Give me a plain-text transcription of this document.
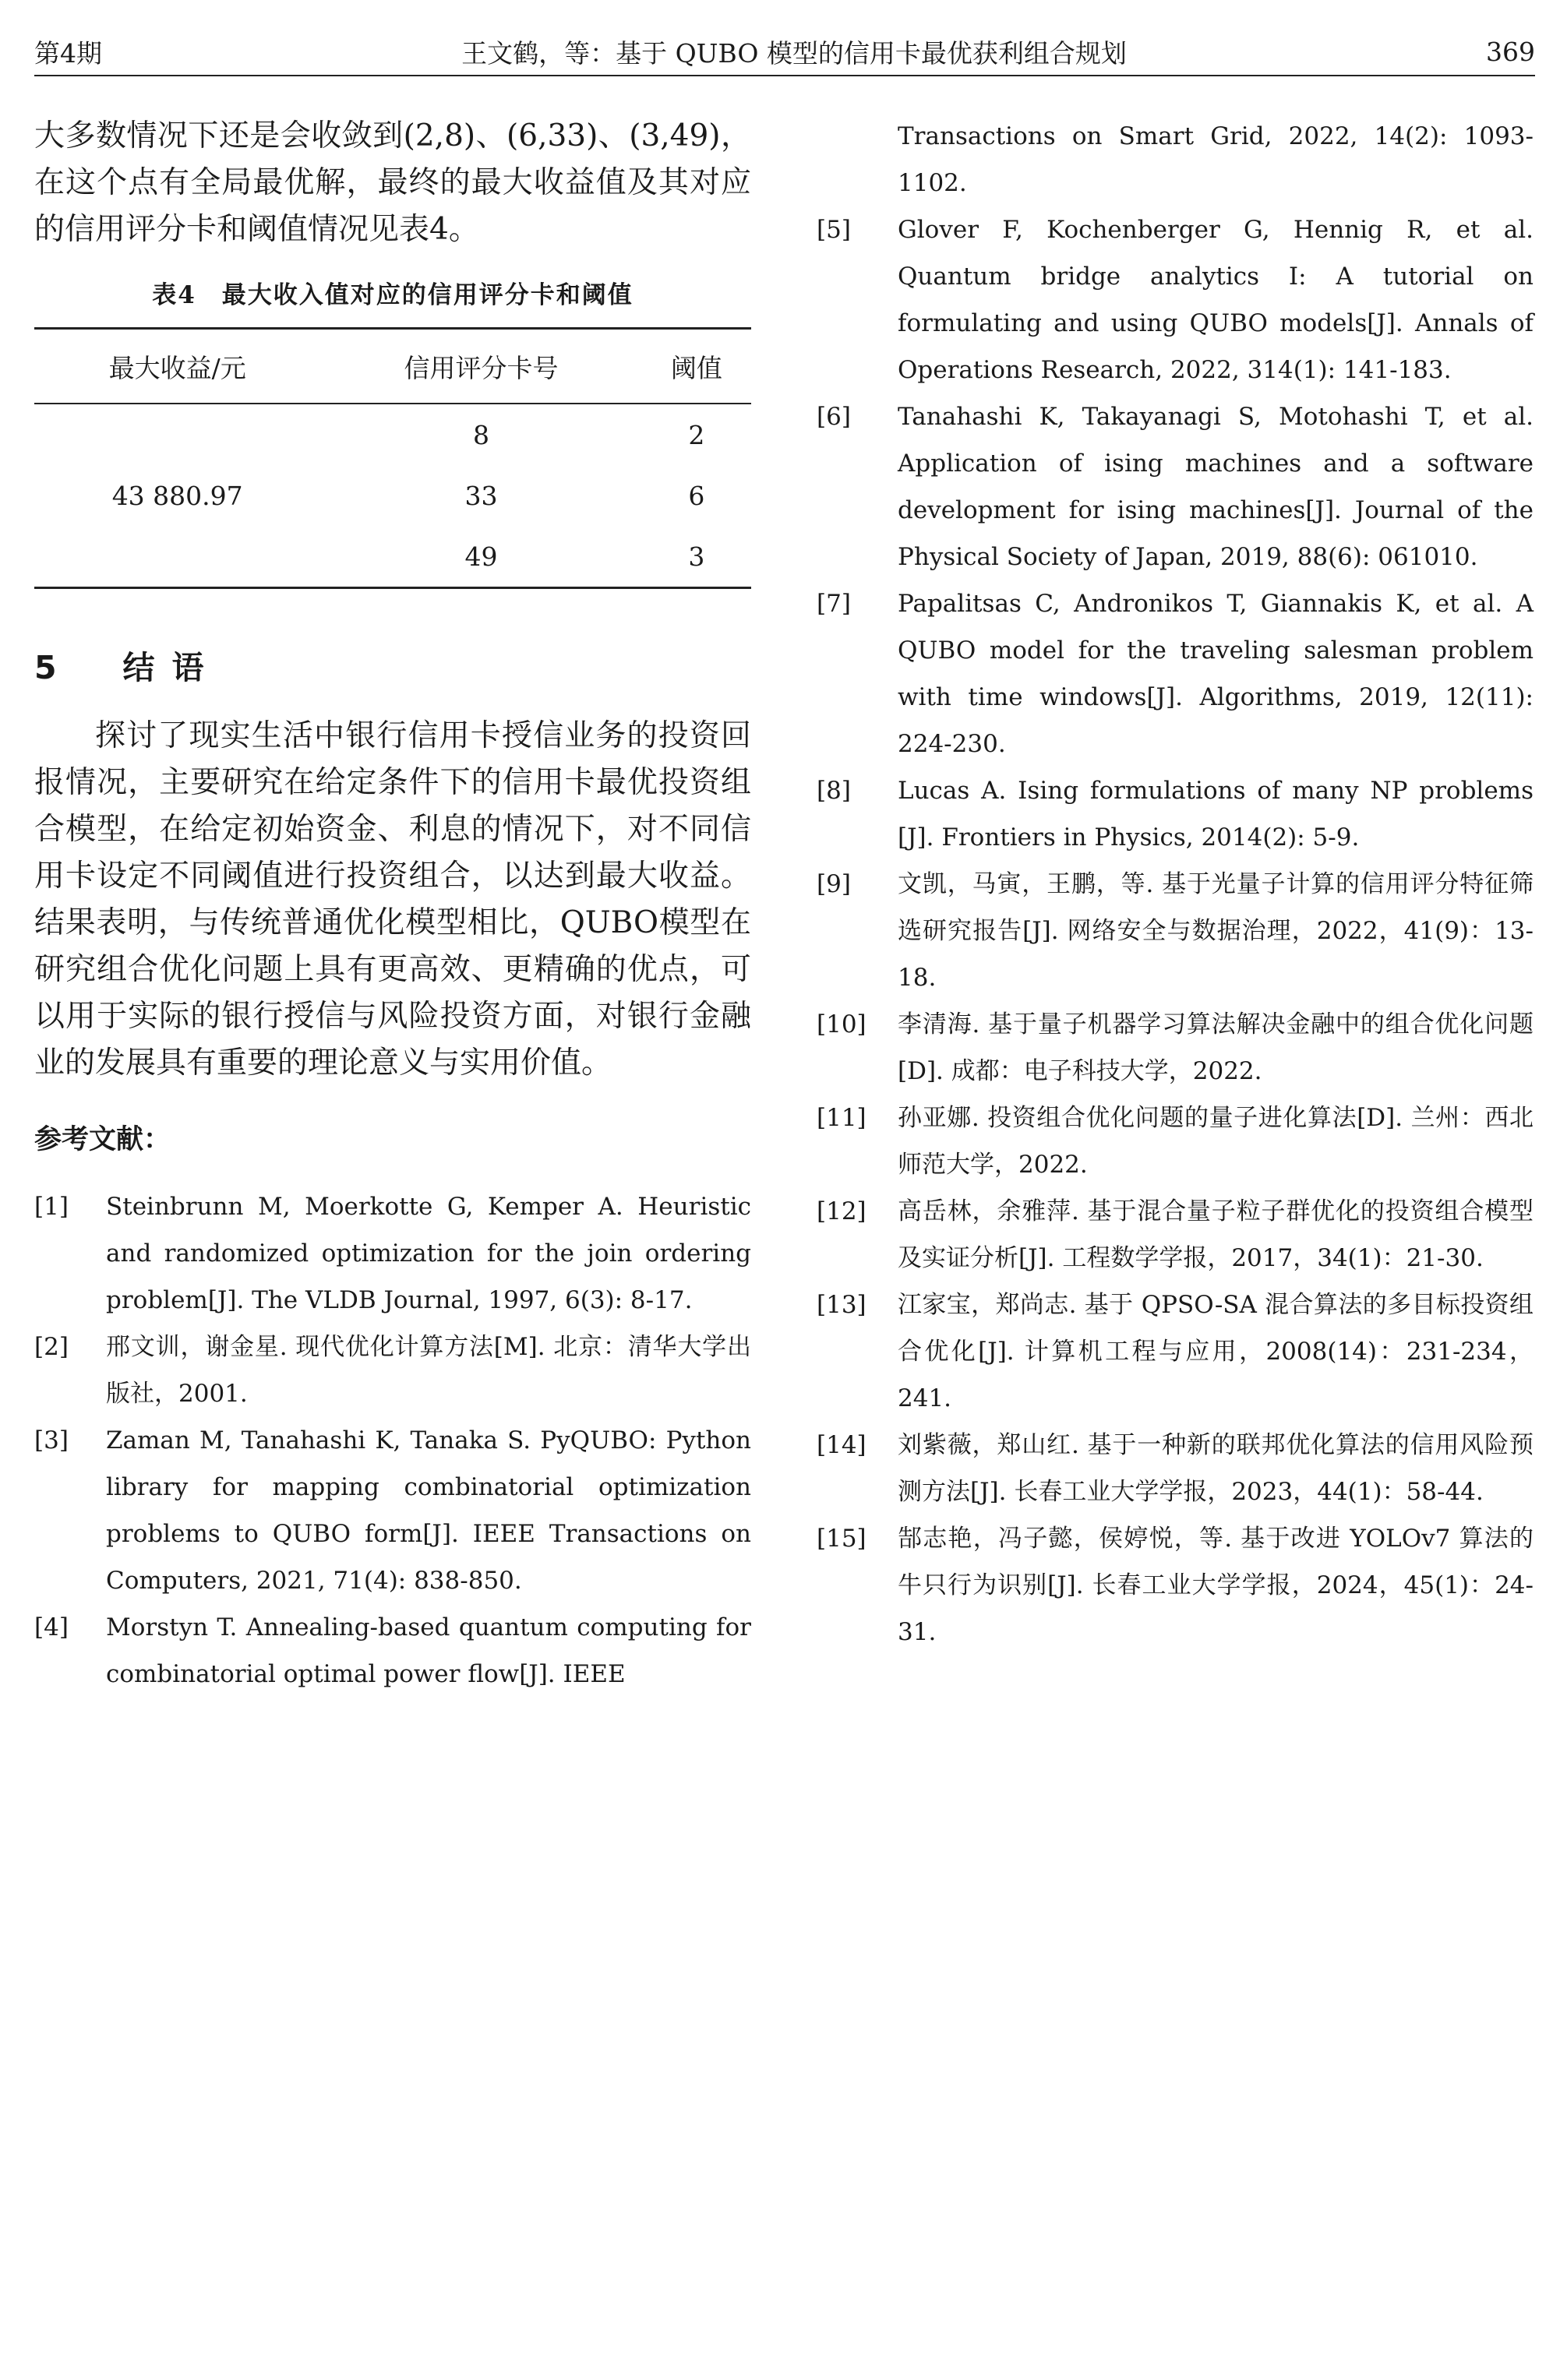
第4期	王文鹤，等：基于 QUBO 模型的信用卡最优获利组合规划	369

大多数情况下还是会收敛到(2,8)、(6,33)、(3,49)，在这个点有全局最优解，最终的最大收益值及其对应的信用评分卡和阈值情况见表4。

表4　最大收入值对应的信用评分卡和阈值
最大收益/元	信用评分卡号	阈值
43 880.97	8	2
	33	6
	49	3
5　结语

探讨了现实生活中银行信用卡授信业务的投资回报情况，主要研究在给定条件下的信用卡最优投资组合模型，在给定初始资金、利息的情况下，对不同信用卡设定不同阈值进行投资组合，以达到最大收益。结果表明，与传统普通优化模型相比，QUBO模型在研究组合优化问题上具有更高效、更精确的优点，可以用于实际的银行授信与风险投资方面，对银行金融业的发展具有重要的理论意义与实用价值。

参考文献：
[1]	Steinbrunn M, Moerkotte G, Kemper A. Heuristic and randomized optimization for the join ordering problem[J]. The VLDB Journal, 1997, 6(3): 8-17.
[2]	邢文训，谢金星. 现代优化计算方法[M]. 北京：清华大学出版社，2001.
[3]	Zaman M, Tanahashi K, Tanaka S. PyQUBO: Python library for mapping combinatorial optimization problems to QUBO form[J]. IEEE Transactions on Computers, 2021, 71(4): 838-850.
[4]	Morstyn T. Annealing-based quantum computing for combinatorial optimal power flow[J]. IEEE
Transactions on Smart Grid, 2022, 14(2): 1093-1102.
[5]	Glover F, Kochenberger G, Hennig R, et al. Quantum bridge analytics I: A tutorial on formulating and using QUBO models[J]. Annals of Operations Research, 2022, 314(1): 141-183.
[6]	Tanahashi K, Takayanagi S, Motohashi T, et al. Application of ising machines and a software development for ising machines[J]. Journal of the Physical Society of Japan, 2019, 88(6): 061010.
[7]	Papalitsas C, Andronikos T, Giannakis K, et al. A QUBO model for the traveling salesman problem with time windows[J]. Algorithms, 2019, 12(11): 224-230.
[8]	Lucas A. Ising formulations of many NP problems [J]. Frontiers in Physics, 2014(2): 5-9.
[9]	文凯，马寅，王鹏，等. 基于光量子计算的信用评分特征筛选研究报告[J]. 网络安全与数据治理，2022，41(9)：13-18.
[10]	李清海. 基于量子机器学习算法解决金融中的组合优化问题[D]. 成都：电子科技大学，2022.
[11]	孙亚娜. 投资组合优化问题的量子进化算法[D]. 兰州：西北师范大学，2022.
[12]	高岳林，余雅萍. 基于混合量子粒子群优化的投资组合模型及实证分析[J]. 工程数学学报，2017，34(1)：21-30.
[13]	江家宝，郑尚志. 基于 QPSO-SA 混合算法的多目标投资组合优化[J]. 计算机工程与应用，2008(14)：231-234，241.
[14]	刘紫薇，郑山红. 基于一种新的联邦优化算法的信用风险预测方法[J]. 长春工业大学学报，2023，44(1)：58-44.
[15]	郜志艳，冯子懿，侯婷悦，等. 基于改进 YOLOv7 算法的牛只行为识别[J]. 长春工业大学学报，2024，45(1)：24-31.
